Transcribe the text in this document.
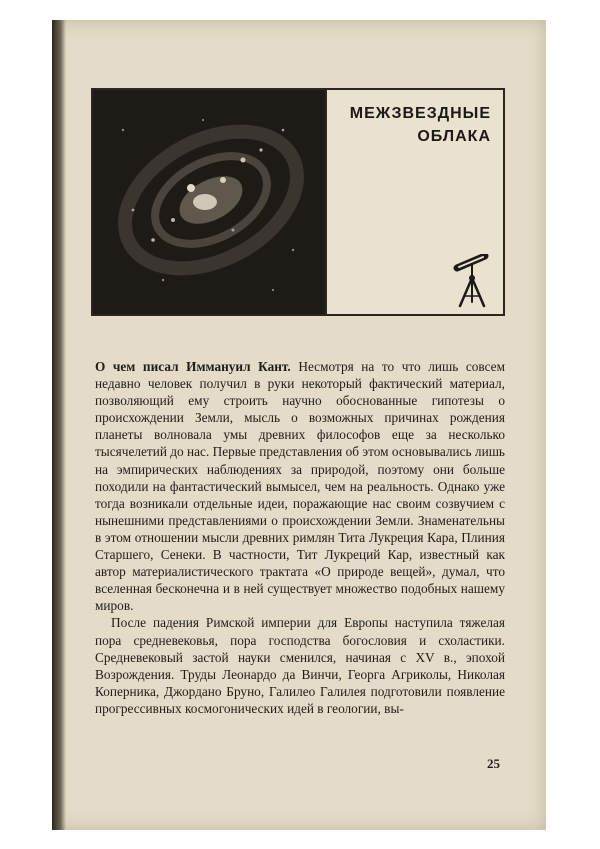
МЕЖЗВЕЗДНЫЕ
ОБЛАКА

О чем писал Иммануил Кант. Несмотря на то что лишь совсем недавно человек получил в руки некоторый фактический материал, позволяющий ему строить научно обоснованные гипотезы о происхождении Земли, мысль о возможных причинах рождения планеты волновала умы древних философов еще за несколько тысячелетий до нас. Первые представления об этом основывались лишь на эмпирических наблюдениях за природой, поэтому они больше походили на фантастический вымысел, чем на реальность. Однако уже тогда возникали отдельные идеи, поражающие нас своим созвучием с нынешними представлениями о происхождении Земли. Знаменательны в этом отношении мысли древних римлян Тита Лукреция Кара, Плиния Старшего, Сенеки. В частности, Тит Лукреций Кар, известный как автор материалистического трактата «О природе вещей», думал, что вселенная бесконечна и в ней существует множество подобных нашему миров.

После падения Римской империи для Европы наступила тяжелая пора средневековья, пора господства богословия и схоластики. Средневековый застой науки сменился, начиная с XV в., эпохой Возрождения. Труды Леонардо да Винчи, Георга Агриколы, Николая Коперника, Джордано Бруно, Галилео Галилея подготовили появление прогрессивных космогонических идей в геологии, вы-

25
